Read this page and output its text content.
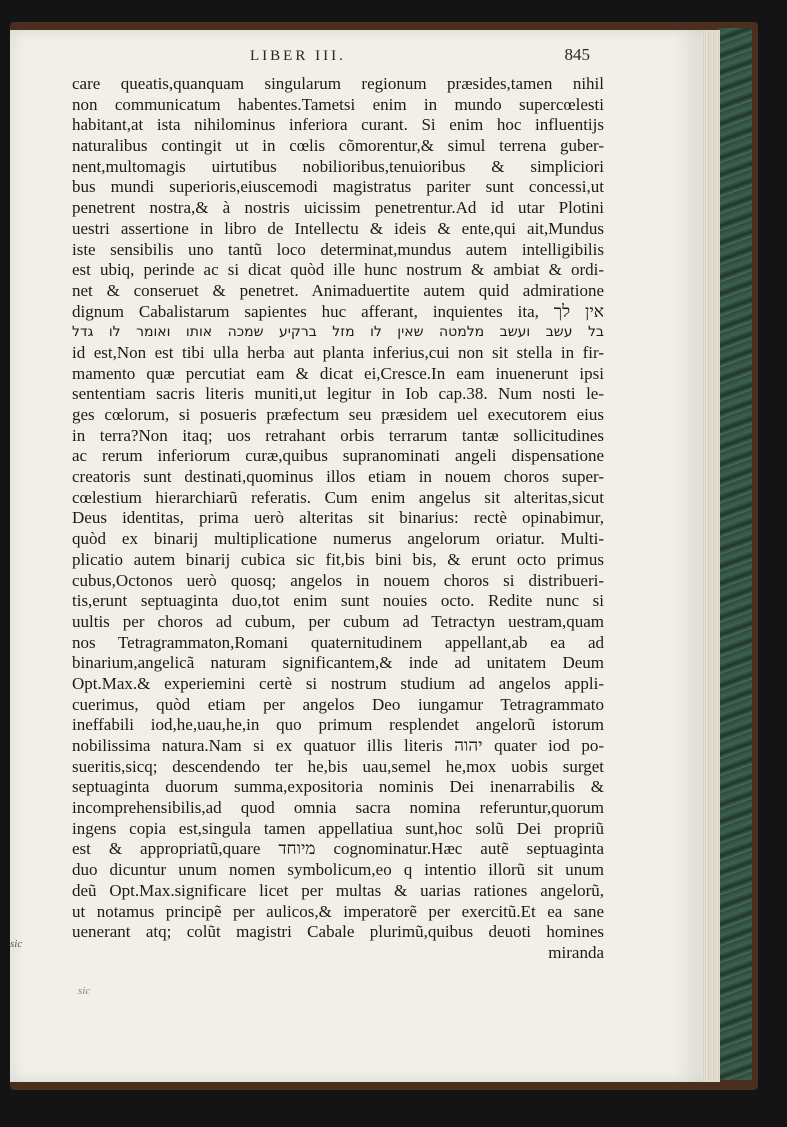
LIBER III.	845
care queatis,quanquam singularum regionum præsides,tamen nihil
non communicatum habentes.Tametsi enim in mundo supercœlesti
habitant,at ista nihilominus inferiora curant. Si enim hoc influentijs
naturalibus contingit ut in cœlis cõmorentur,& simul terrena guber-
nent,multomagis uirtutibus nobilioribus,tenuioribus & simpliciori
bus mundi superioris,eiuscemodi magistratus pariter sunt concessi,ut
penetrent nostra,& à nostris uicissim penetrentur.Ad id utar Plotini
uestri assertione in libro de Intellectu & ideis & ente,qui ait,Mundus
iste sensibilis uno tantũ loco determinat,mundus autem intelligibilis
est ubiq, perinde ac si dicat quòd ille hunc nostrum & ambiat & ordi-
net & conseruet & penetret. Animaduertite autem quid admiratione
dignum Cabalistarum sapientes huc afferant, inquientes ita, אין לך
בל עשב ועשב מלמטה שאין לו מזל ברקיע שמכה אותו ואומר לו גדל
id est,Non est tibi ulla herba aut planta inferius,cui non sit stella in fir-
mamento quæ percutiat eam & dicat ei,Cresce.In eam inuenerunt ipsi
sententiam sacris literis muniti,ut legitur in Iob cap.38. Num nosti le-
ges cœlorum, si posueris præfectum seu præsidem uel executorem eius
in terra?Non itaq; uos retrahant orbis terrarum tantæ sollicitudines
ac rerum inferiorum curæ,quibus supranominati angeli dispensatione
creatoris sunt destinati,quominus illos etiam in nouem choros super-
cœlestium hierarchiarũ referatis. Cum enim angelus sit alteritas,sicut
Deus identitas, prima uerò alteritas sit binarius: rectè opinabimur,
quòd ex binarij multiplicatione numerus angelorum oriatur. Multi-
plicatio autem binarij cubica sic fit,bis bini bis, & erunt octo primus
cubus,Octonos uerò quosq; angelos in nouem choros si distribueri-
tis,erunt septuaginta duo,tot enim sunt nouies octo. Redite nunc si
uultis per choros ad cubum, per cubum ad Tetractyn uestram,quam
nos Tetragrammaton,Romani quaternitudinem appellant,ab ea ad
binarium,angelicã naturam significantem,& inde ad unitatem Deum
Opt.Max.& experiemini certè si nostrum studium ad angelos appli-
cuerimus, quòd etiam per angelos Deo iungamur Tetragrammato
ineffabili iod,he,uau,he,in quo primum resplendet angelorũ istorum
nobilissima natura.Nam si ex quatuor illis literis יהוה quater iod po-
sueritis,sicq; descendendo ter he,bis uau,semel he,mox uobis surget
septuaginta duorum summa,expositoria nominis Dei inenarrabilis &
incomprehensibilis,ad quod omnia sacra nomina referuntur,quorum
ingens copia est,singula tamen appellatiua sunt,hoc solũ Dei propriũ
est & appropriatũ,quare מיוחד cognominatur.Hæc autẽ septuaginta
duo dicuntur unum nomen symbolicum,eo q intentio illorũ sit unum
deũ Opt.Max.significare licet per multas & uarias rationes angelorũ,
ut notamus principẽ per aulicos,& imperatorẽ per exercitũ.Et ea sane
uenerant atq; colũt magistri Cabale plurimũ,quibus deuoti homines
miranda
sic
sic
